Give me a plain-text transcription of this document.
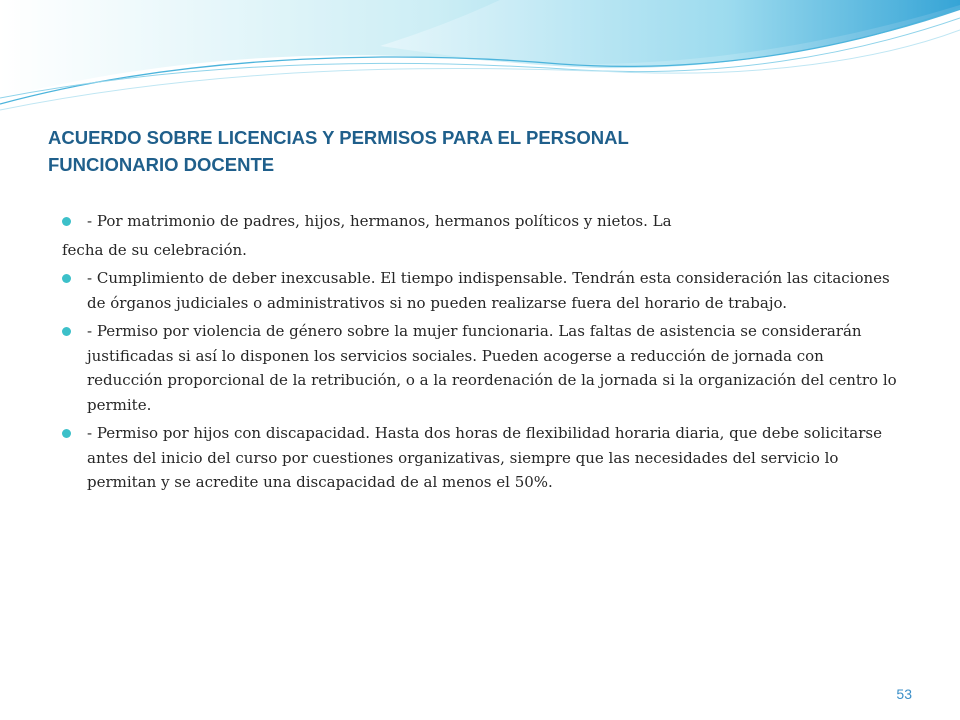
ACUERDO SOBRE LICENCIAS Y PERMISOS PARA EL PERSONAL
FUNCIONARIO DOCENTE

- Por matrimonio de padres, hijos, hermanos, hermanos políticos y nietos. La

fecha de su celebración.

- Cumplimiento de deber inexcusable. El tiempo indispensable. Tendrán esta consideración las citaciones de órganos judiciales o administrativos si no pueden realizarse fuera del horario de trabajo.

- Permiso por violencia de género sobre la mujer funcionaria. Las faltas de asistencia se considerarán justificadas si así lo disponen los servicios sociales. Pueden acogerse a reducción de jornada con reducción proporcional de la retribución, o a la reordenación de la jornada si la organización del centro lo permite.

- Permiso por hijos con discapacidad. Hasta dos horas de flexibilidad horaria diaria, que debe solicitarse antes del inicio del curso por cuestiones organizativas, siempre que las necesidades del servicio lo permitan y se acredite una discapacidad de al menos el 50%.

53
